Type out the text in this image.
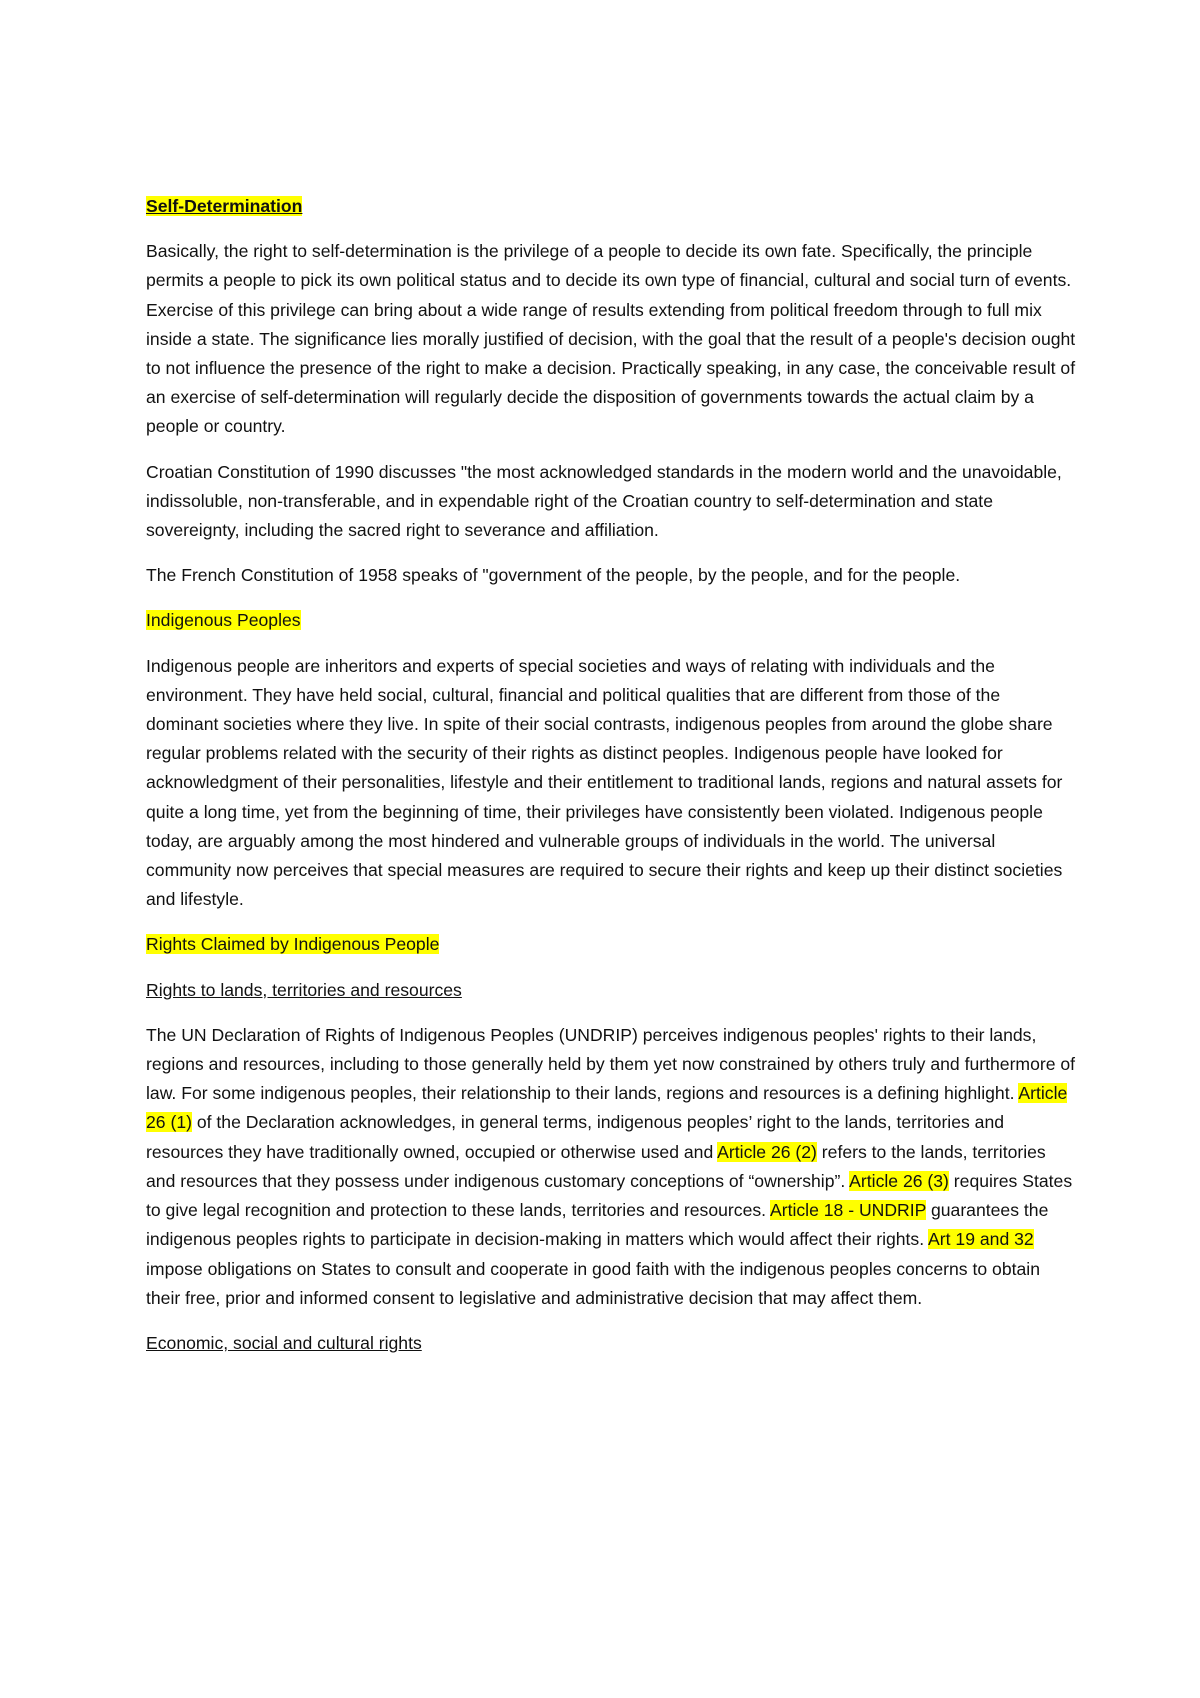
Self-Determination

Basically, the right to self-determination is the privilege of a people to decide its own fate. Specifically, the principle permits a people to pick its own political status and to decide its own type of financial, cultural and social turn of events. Exercise of this privilege can bring about a wide range of results extending from political freedom through to full mix inside a state. The significance lies morally justified of decision, with the goal that the result of a people's decision ought to not influence the presence of the right to make a decision. Practically speaking, in any case, the conceivable result of an exercise of self-determination will regularly decide the disposition of governments towards the actual claim by a people or country.

Croatian Constitution of 1990 discusses "the most acknowledged standards in the modern world and the unavoidable, indissoluble, non-transferable, and in expendable right of the Croatian country to self-determination and state sovereignty, including the sacred right to severance and affiliation.

The French Constitution of 1958 speaks of "government of the people, by the people, and for the people.

Indigenous Peoples

Indigenous people are inheritors and experts of special societies and ways of relating with individuals and the environment. They have held social, cultural, financial and political qualities that are different from those of the dominant societies where they live. In spite of their social contrasts, indigenous peoples from around the globe share regular problems related with the security of their rights as distinct peoples. Indigenous people have looked for acknowledgment of their personalities, lifestyle and their entitlement to traditional lands, regions and natural assets for quite a long time, yet from the beginning of time, their privileges have consistently been violated. Indigenous people today, are arguably among the most hindered and vulnerable groups of individuals in the world. The universal community now perceives that special measures are required to secure their rights and keep up their distinct societies and lifestyle.

Rights Claimed by Indigenous People

Rights to lands, territories and resources

The UN Declaration of Rights of Indigenous Peoples (UNDRIP) perceives indigenous peoples' rights to their lands, regions and resources, including to those generally held by them yet now constrained by others truly and furthermore of law. For some indigenous peoples, their relationship to their lands, regions and resources is a defining highlight. Article 26 (1) of the Declaration acknowledges, in general terms, indigenous peoples’ right to the lands, territories and resources they have traditionally owned, occupied or otherwise used and Article 26 (2) refers to the lands, territories and resources that they possess under indigenous customary conceptions of “ownership”. Article 26 (3) requires States to give legal recognition and protection to these lands, territories and resources. Article 18 - UNDRIP guarantees the indigenous peoples rights to participate in decision-making in matters which would affect their rights. Art 19 and 32 impose obligations on States to consult and cooperate in good faith with the indigenous peoples concerns to obtain their free, prior and informed consent to legislative and administrative decision that may affect them.

Economic, social and cultural rights
